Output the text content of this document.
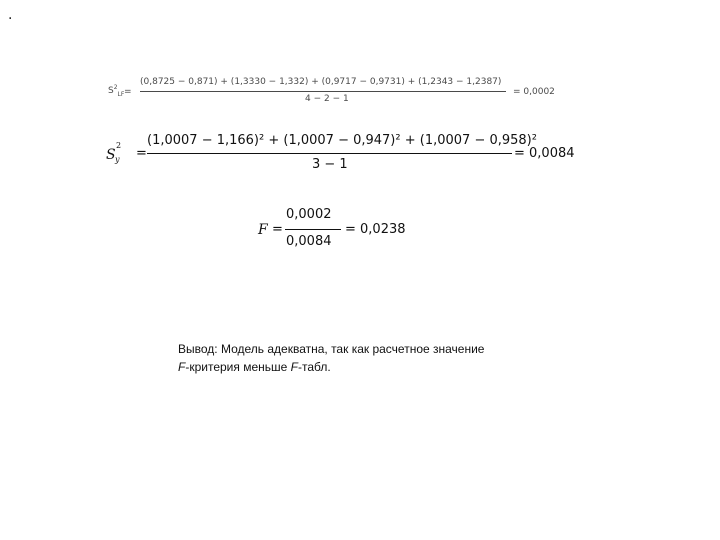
.
$S^2_{LF}$ =
(0,8725 − 0,871) + (1,3330 − 1,332) + (0,9717 − 0,9731) + (1,2343 − 1,2387)
4 − 2 − 1
= 0,0002
S
2
y =
(1,0007 − 1,166)² + (1,0007 − 0,947)² + (1,0007 − 0,958)²
3 − 1
= 0,0084
F =
0,0002
0,0084
= 0,0238
Вывод: Модель адекватна, так как расчетное значение
F-критерия меньше F-табл.
